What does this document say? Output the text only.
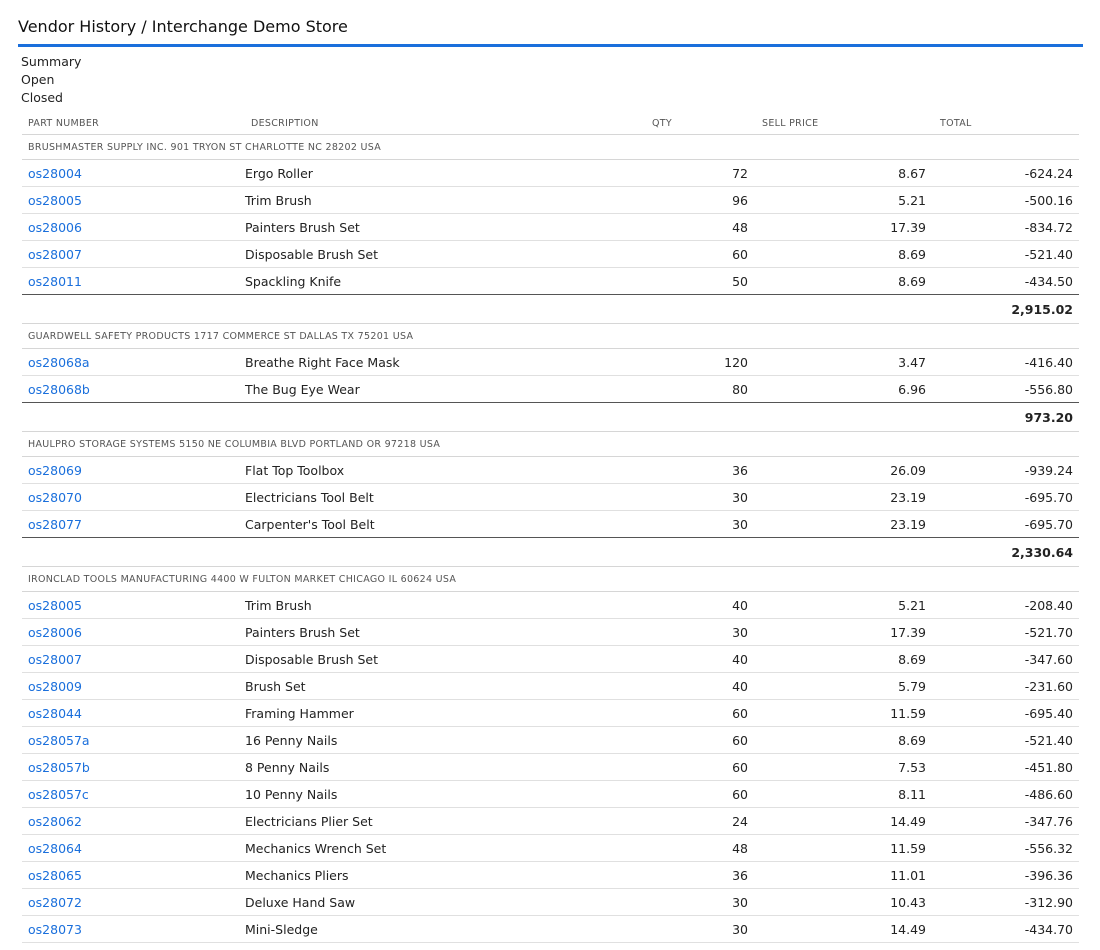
Vendor History / Interchange Demo Store
Summary
Open
Closed
PART NUMBER	DESCRIPTION	QTY	SELL PRICE	TOTAL
BRUSHMASTER SUPPLY INC. 901 TRYON ST CHARLOTTE NC 28202 USA				
os28004	Ergo Roller	72	8.67	-624.24
os28005	Trim Brush	96	5.21	-500.16
os28006	Painters Brush Set	48	17.39	-834.72
os28007	Disposable Brush Set	60	8.69	-521.40
os28011	Spackling Knife	50	8.69	-434.50
2,915.02				
GUARDWELL SAFETY PRODUCTS 1717 COMMERCE ST DALLAS TX 75201 USA				
os28068a	Breathe Right Face Mask	120	3.47	-416.40
os28068b	The Bug Eye Wear	80	6.96	-556.80
973.20				
HAULPRO STORAGE SYSTEMS 5150 NE COLUMBIA BLVD PORTLAND OR 97218 USA				
os28069	Flat Top Toolbox	36	26.09	-939.24
os28070	Electricians Tool Belt	30	23.19	-695.70
os28077	Carpenter's Tool Belt	30	23.19	-695.70
2,330.64				
IRONCLAD TOOLS MANUFACTURING 4400 W FULTON MARKET CHICAGO IL 60624 USA				
os28005	Trim Brush	40	5.21	-208.40
os28006	Painters Brush Set	30	17.39	-521.70
os28007	Disposable Brush Set	40	8.69	-347.60
os28009	Brush Set	40	5.79	-231.60
os28044	Framing Hammer	60	11.59	-695.40
os28057a	16 Penny Nails	60	8.69	-521.40
os28057b	8 Penny Nails	60	7.53	-451.80
os28057c	10 Penny Nails	60	8.11	-486.60
os28062	Electricians Plier Set	24	14.49	-347.76
os28064	Mechanics Wrench Set	48	11.59	-556.32
os28065	Mechanics Pliers	36	11.01	-396.36
os28072	Deluxe Hand Saw	30	10.43	-312.90
os28073	Mini-Sledge	30	14.49	-434.70
